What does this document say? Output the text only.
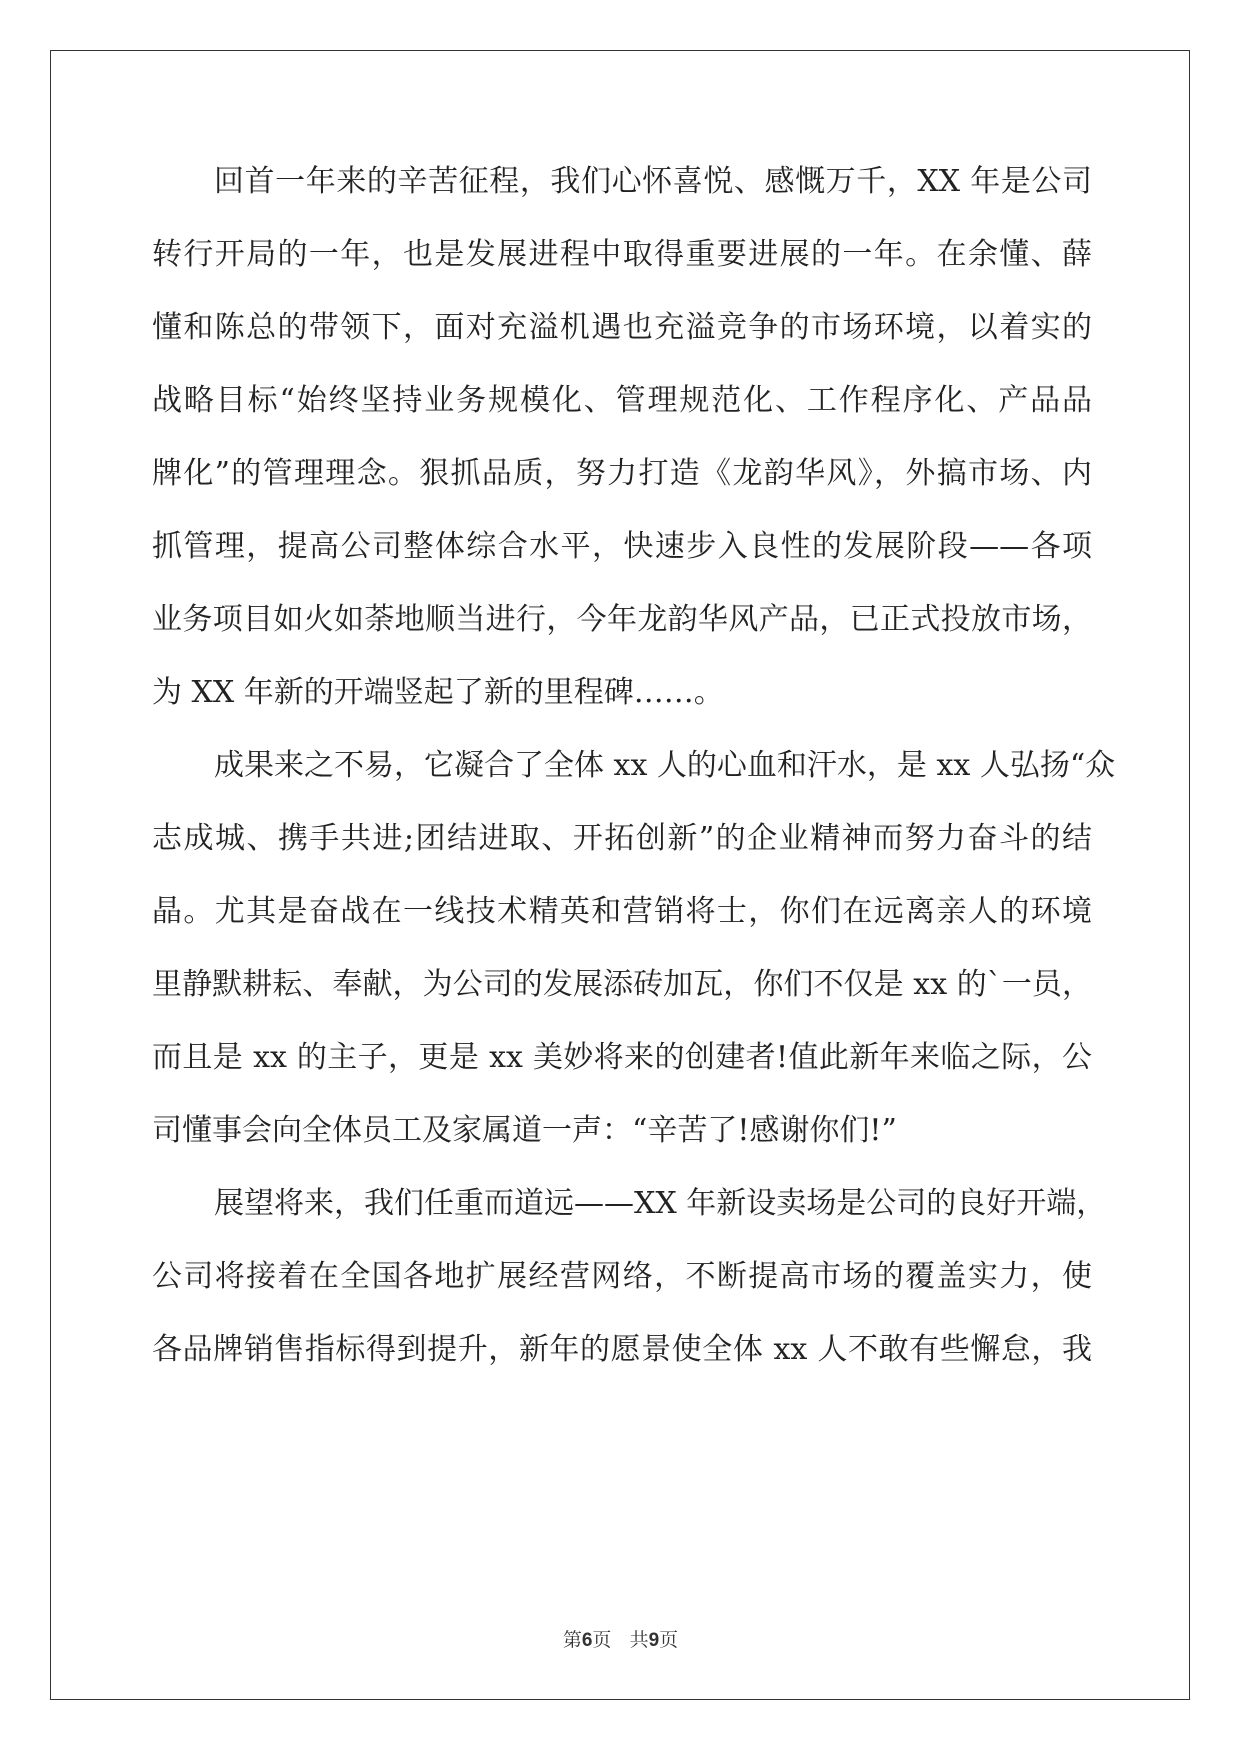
回首一年来的辛苦征程，我们心怀喜悦、感慨万千，XX 年是公司
转行开局的一年，也是发展进程中取得重要进展的一年。在余懂、薛
懂和陈总的带领下，面对充溢机遇也充溢竞争的市场环境，以着实的
战略目标“始终坚持业务规模化、管理规范化、工作程序化、产品品
牌化”的管理理念。狠抓品质，努力打造《龙韵华风》，外搞市场、内
抓管理，提高公司整体综合水平，快速步入良性的发展阶段——各项
业务项目如火如荼地顺当进行，今年龙韵华风产品，已正式投放市场，
为 XX 年新的开端竖起了新的里程碑……。
成果来之不易，它凝合了全体 xx 人的心血和汗水，是 xx 人弘扬“众
志成城、携手共进;团结进取、开拓创新”的企业精神而努力奋斗的结
晶。尤其是奋战在一线技术精英和营销将士，你们在远离亲人的环境
里静默耕耘、奉献，为公司的发展添砖加瓦，你们不仅是 xx 的`一员，
而且是 xx 的主子，更是 xx 美妙将来的创建者!值此新年来临之际，公
司懂事会向全体员工及家属道一声：“辛苦了!感谢你们!”
展望将来，我们任重而道远——XX 年新设卖场是公司的良好开端，
公司将接着在全国各地扩展经营网络，不断提高市场的覆盖实力，使
各品牌销售指标得到提升，新年的愿景使全体 xx 人不敢有些懈怠，我
第6页 共9页
